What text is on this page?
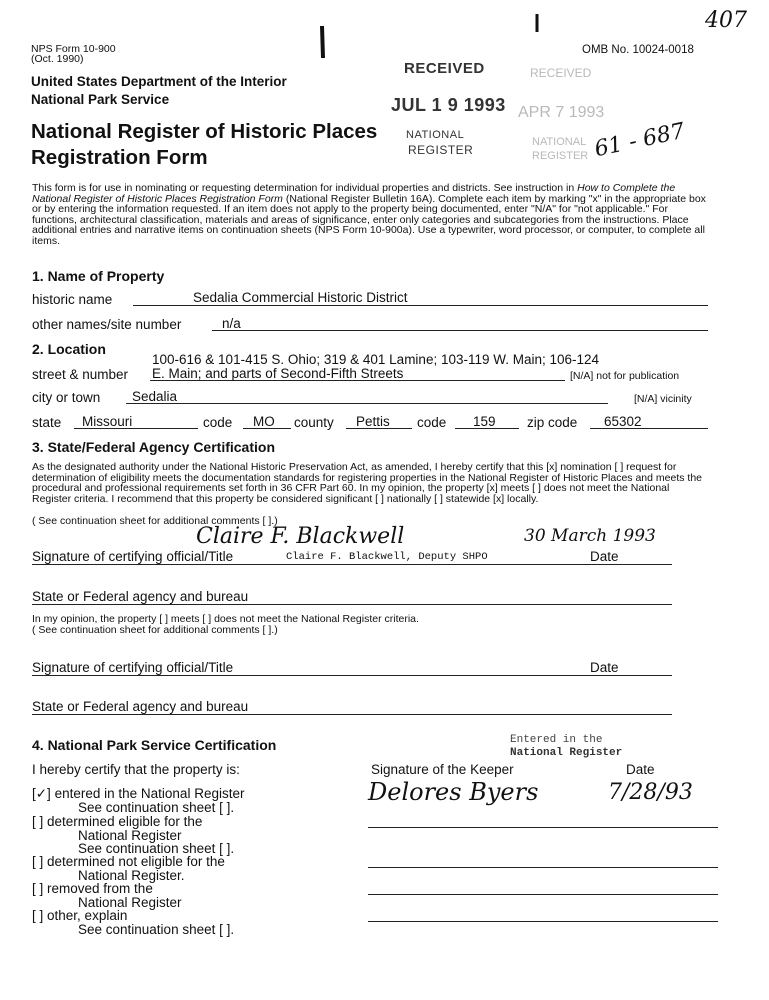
NPS Form 10-900
(Oct. 1990)
OMB No. 10024-0018
United States Department of the Interior
National Park Service
National Register of Historic Places
Registration Form
407
61 - 687
RECEIVED
JUL 1 9 1993
NATIONAL
REGISTER
RECEIVED
APR 7 1993
NATIONAL
REGISTER
This form is for use in nominating or requesting determination for individual properties and districts. See instruction in How to Complete the National Register of Historic Places Registration Form (National Register Bulletin 16A). Complete each item by marking "x" in the appropriate box or by entering the information requested. If an item does not apply to the property being documented, enter "N/A" for "not applicable." For functions, architectural classification, materials and areas of significance, enter only categories and subcategories from the instructions. Place additional entries and narrative items on continuation sheets (NPS Form 10-900a). Use a typewriter, word processor, or computer, to complete all items.
1. Name of Property
historic name	Sedalia Commercial Historic District
other names/site number	n/a
2. Location
100-616 & 101-415 S. Ohio; 319 & 401 Lamine; 103-119 W. Main; 106-124
street & number E. Main; and parts of Second-Fifth Streets	[N/A] not for publication
city or town Sedalia	[N/A] vicinity
state Missouri	code MO county Pettis code 159 zip code 65302
3. State/Federal Agency Certification
As the designated authority under the National Historic Preservation Act, as amended, I hereby certify that this [x] nomination [ ] request for determination of eligibility meets the documentation standards for registering properties in the National Register of Historic Places and meets the procedural and professional requirements set forth in 36 CFR Part 60. In my opinion, the property [x] meets [ ] does not meet the National Register criteria. I recommend that this property be considered significant [ ] nationally [ ] statewide [x] locally.
( See continuation sheet for additional comments [ ].)
Claire F. Blackwell	30 March 1993
Signature of certifying official/Title	Claire F. Blackwell, Deputy SHPO	Date
State or Federal agency and bureau
In my opinion, the property [ ] meets [ ] does not meet the National Register criteria.
( See continuation sheet for additional comments [ ].)
Signature of certifying official/Title	Date
State or Federal agency and bureau
4. National Park Service Certification
I hereby certify that the property is:
Entered in the
National Register
Signature of the Keeper	Date
Delores Byers	7/28/93
[✓] entered in the National Register
See continuation sheet [ ].
[ ] determined eligible for the
National Register
See continuation sheet [ ].
[ ] determined not eligible for the
National Register.
[ ] removed from the
National Register
[ ] other, explain
See continuation sheet [ ].
